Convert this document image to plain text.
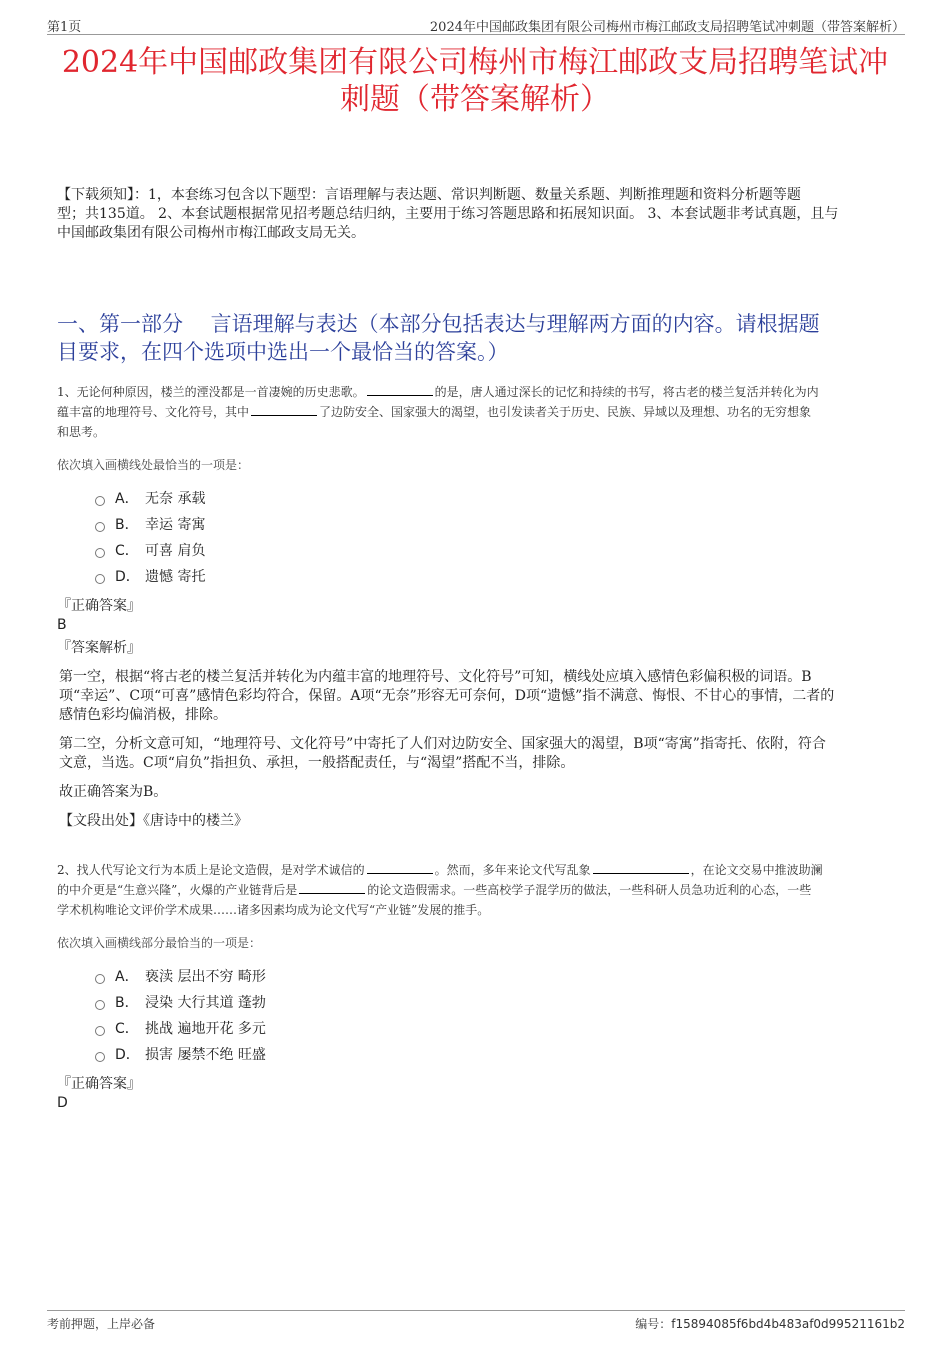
第1页	2024年中国邮政集团有限公司梅州市梅江邮政支局招聘笔试冲刺题（带答案解析）
2024年中国邮政集团有限公司梅州市梅江邮政支局招聘笔试冲
刺题（带答案解析）
【下载须知】：1，本套练习包含以下题型：言语理解与表达题、常识判断题、数量关系题、判断推理题和资料分析题等题
型；共135道。 2、本套试题根据常见招考题总结归纳，主要用于练习答题思路和拓展知识面。 3、本套试题非考试真题，且与
中国邮政集团有限公司梅州市梅江邮政支局无关。
一、第一部分　 言语理解与表达（本部分包括表达与理解两方面的内容。请根据题
目要求，在四个选项中选出一个最恰当的答案。）
1、无论何种原因，楼兰的湮没都是一首凄婉的历史悲歌。	的是，唐人通过深长的记忆和持续的书写，将古老的楼兰复活并转化为内
蕴丰富的地理符号、文化符号，其中	了边防安全、国家强大的渴望，也引发读者关于历史、民族、异域以及理想、功名的无穷想象
和思考。
依次填入画横线处最恰当的一项是：
A． 无奈 承载
B． 幸运 寄寓
C． 可喜 肩负
D． 遗憾 寄托
『正确答案』
B
『答案解析』
第一空，根据“将古老的楼兰复活并转化为内蕴丰富的地理符号、文化符号”可知，横线处应填入感情色彩偏积极的词语。B
项“幸运”、C项“可喜”感情色彩均符合，保留。A项“无奈”形容无可奈何，D项“遗憾”指不满意、悔恨、不甘心的事情，二者的
感情色彩均偏消极，排除。
第二空，分析文意可知，“地理符号、文化符号”中寄托了人们对边防安全、国家强大的渴望，B项“寄寓”指寄托、依附，符合
文意，当选。C项“肩负”指担负、承担，一般搭配责任，与“渴望”搭配不当，排除。
故正确答案为B。
【文段出处】《唐诗中的楼兰》
2、找人代写论文行为本质上是论文造假，是对学术诚信的	。然而，多年来论文代写乱象	，在论文交易中推波助澜
的中介更是“生意兴隆”，火爆的产业链背后是	的论文造假需求。一些高校学子混学历的做法，一些科研人员急功近利的心态，一些
学术机构唯论文评价学术成果……诸多因素均成为论文代写“产业链”发展的推手。
依次填入画横线部分最恰当的一项是：
A． 亵渎 层出不穷 畸形
B． 浸染 大行其道 蓬勃
C． 挑战 遍地开花 多元
D． 损害 屡禁不绝 旺盛
『正确答案』
D
考前押题，上岸必备	编号：f15894085f6bd4b483af0d99521161b2
